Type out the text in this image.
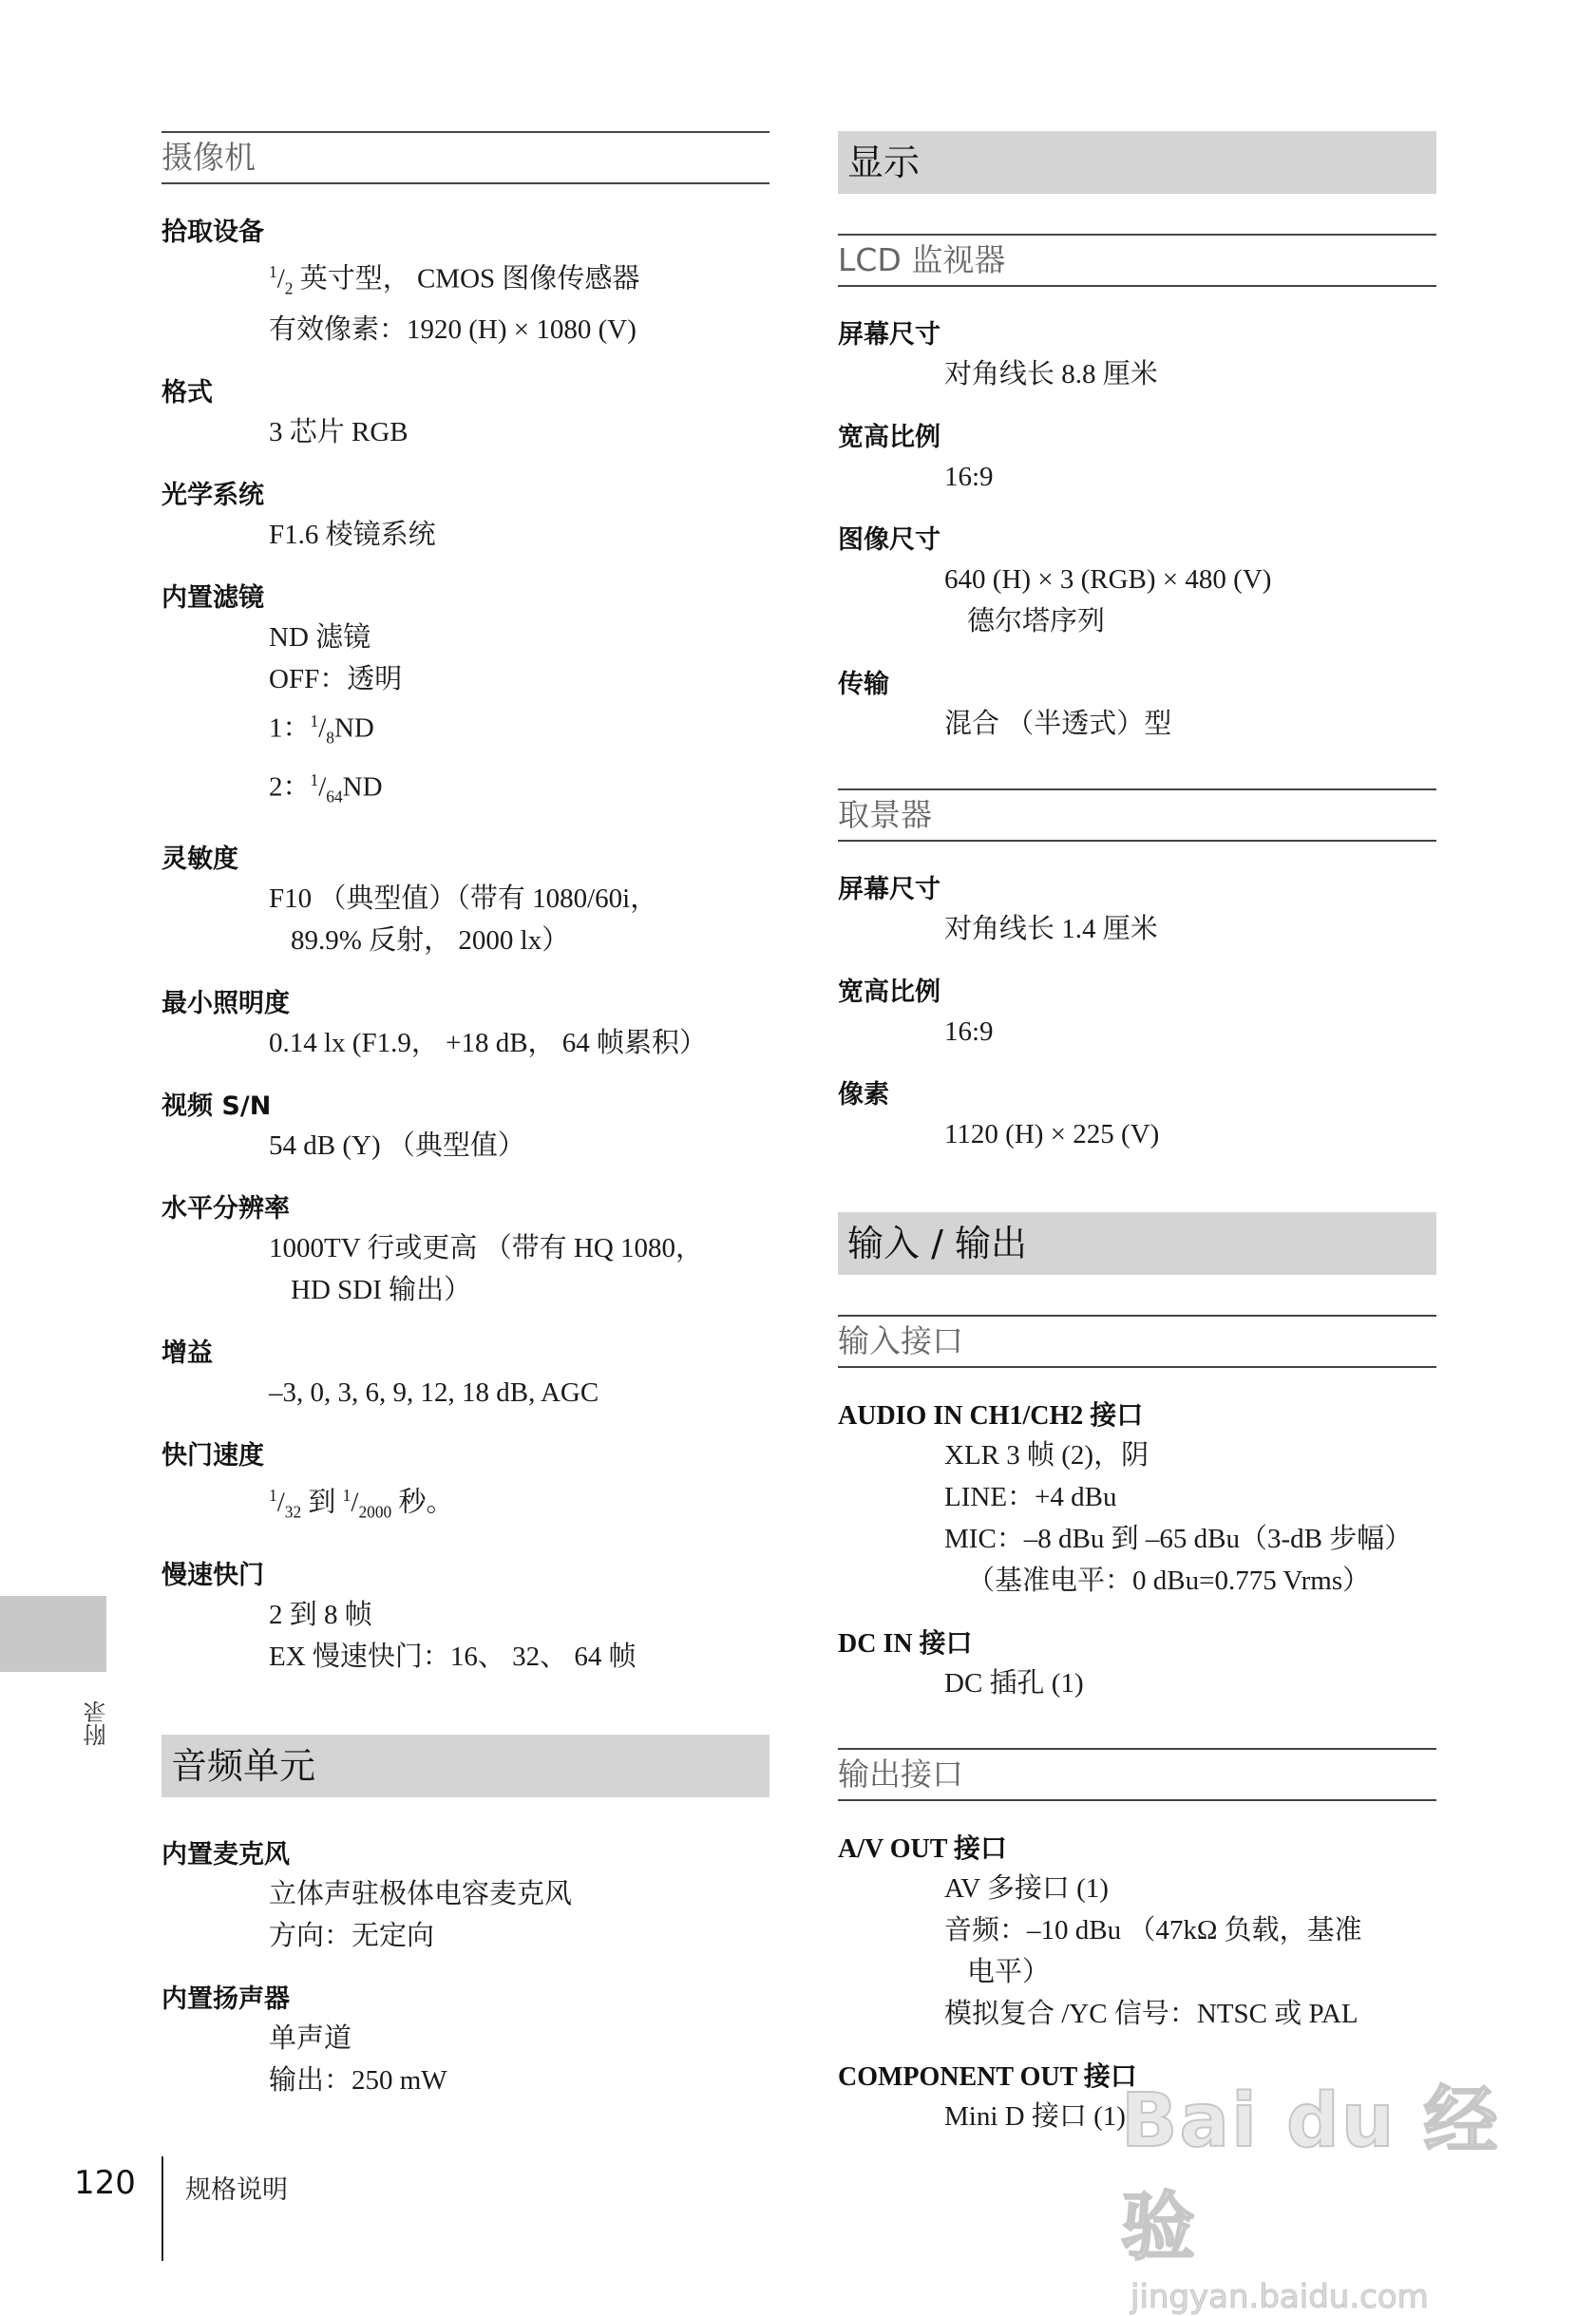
摄像机
拾取设备
$^1/_2$ 英寸型， CMOS 图像传感器
有效像素：1920 (H) × 1080 (V)
格式
3 芯片 RGB
光学系统
F1.6 棱镜系统
内置滤镜
ND 滤镜
OFF：透明
1：$^1/_8ND$
2：$^1/_{64}ND$
灵敏度
F10 （典型值）（带有 1080/60i，
89.9% 反射， 2000 lx）
最小照明度
0.14 lx (F1.9， +18 dB， 64 帧累积）
视频 S/N
54 dB (Y) （典型值）
水平分辨率
1000TV 行或更高 （带有 HQ 1080，
HD SDI 输出）
增益
–3, 0, 3, 6, 9, 12, 18 dB, AGC
快门速度
$^1/_{32}$ 到 $^1/_{2000}$ 秒。
慢速快门
2 到 8 帧
EX 慢速快门：16、 32、 64 帧
音频单元
内置麦克风
立体声驻极体电容麦克风
方向：无定向
内置扬声器
单声道
输出：250 mW
显示
LCD 监视器
屏幕尺寸
对角线长 8.8 厘米
宽高比例
16:9
图像尺寸
640 (H) × 3 (RGB) × 480 (V)
德尔塔序列
传输
混合 （半透式）型
取景器
屏幕尺寸
对角线长 1.4 厘米
宽高比例
16:9
像素
1120 (H) × 225 (V)
输入 / 输出
输入接口
AUDIO IN CH1/CH2 接口
XLR 3 帧 (2)，阴
LINE：+4 dBu
MIC：–8 dBu 到 –65 dBu（3-dB 步幅）
（基准电平：0 dBu=0.775 Vrms）
DC IN 接口
DC 插孔 (1)
输出接口
A/V OUT 接口
AV 多接口 (1)
音频：–10 dBu （47kΩ 负载，基准
电平）
模拟复合 /YC 信号：NTSC 或 PAL
COMPONENT OUT 接口
Mini D 接口 (1)
附录
120 规格说明
Bai du 经验
jingyan.baidu.com
